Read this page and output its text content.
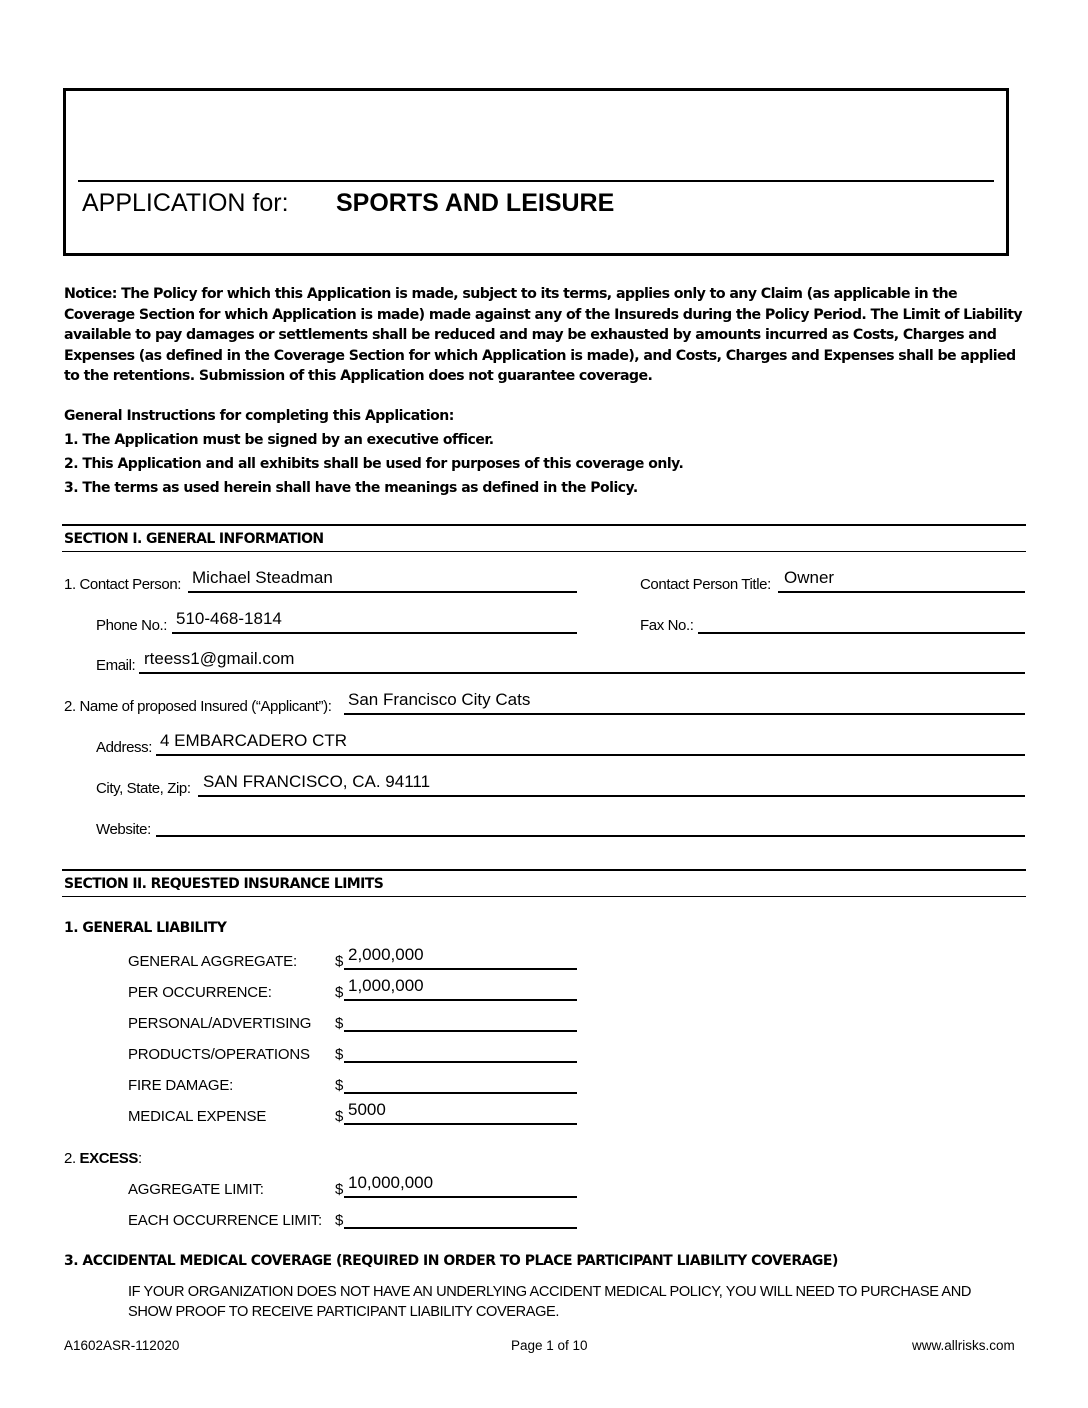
APPLICATION for: SPORTS AND LEISURE
Notice: The Policy for which this Application is made, subject to its terms, applies only to any Claim (as applicable in the Coverage Section for which Application is made) made against any of the Insureds during the Policy Period. The Limit of Liability available to pay damages or settlements shall be reduced and may be exhausted by amounts incurred as Costs, Charges and Expenses (as defined in the Coverage Section for which Application is made), and Costs, Charges and Expenses shall be applied to the retentions. Submission of this Application does not guarantee coverage.
General Instructions for completing this Application:
1. The Application must be signed by an executive officer.
2. This Application and all exhibits shall be used for purposes of this coverage only.
3. The terms as used herein shall have the meanings as defined in the Policy.
SECTION I. GENERAL INFORMATION
1. Contact Person: Michael Steadman	Contact Person Title: Owner
Phone No.: 510-468-1814	Fax No.:
Email: rteess1@gmail.com
2. Name of proposed Insured (“Applicant”): San Francisco City Cats
Address: 4 EMBARCADERO CTR
City, State, Zip: SAN FRANCISCO, CA. 94111
Website:
SECTION II. REQUESTED INSURANCE LIMITS
1. GENERAL LIABILITY
GENERAL AGGREGATE:	$ 2,000,000
PER OCCURRENCE:	$ 1,000,000
PERSONAL/ADVERTISING $
PRODUCTS/OPERATIONS $
FIRE DAMAGE:	$
MEDICAL EXPENSE	$ 5000
2. EXCESS:
AGGREGATE LIMIT:	$ 10,000,000
EACH OCCURRENCE LIMIT: $
3. ACCIDENTAL MEDICAL COVERAGE (REQUIRED IN ORDER TO PLACE PARTICIPANT LIABILITY COVERAGE)
IF YOUR ORGANIZATION DOES NOT HAVE AN UNDERLYING ACCIDENT MEDICAL POLICY, YOU WILL NEED TO PURCHASE AND
SHOW PROOF TO RECEIVE PARTICIPANT LIABILITY COVERAGE.
A1602ASR-112020	Page 1 of 10	www.allrisks.com
